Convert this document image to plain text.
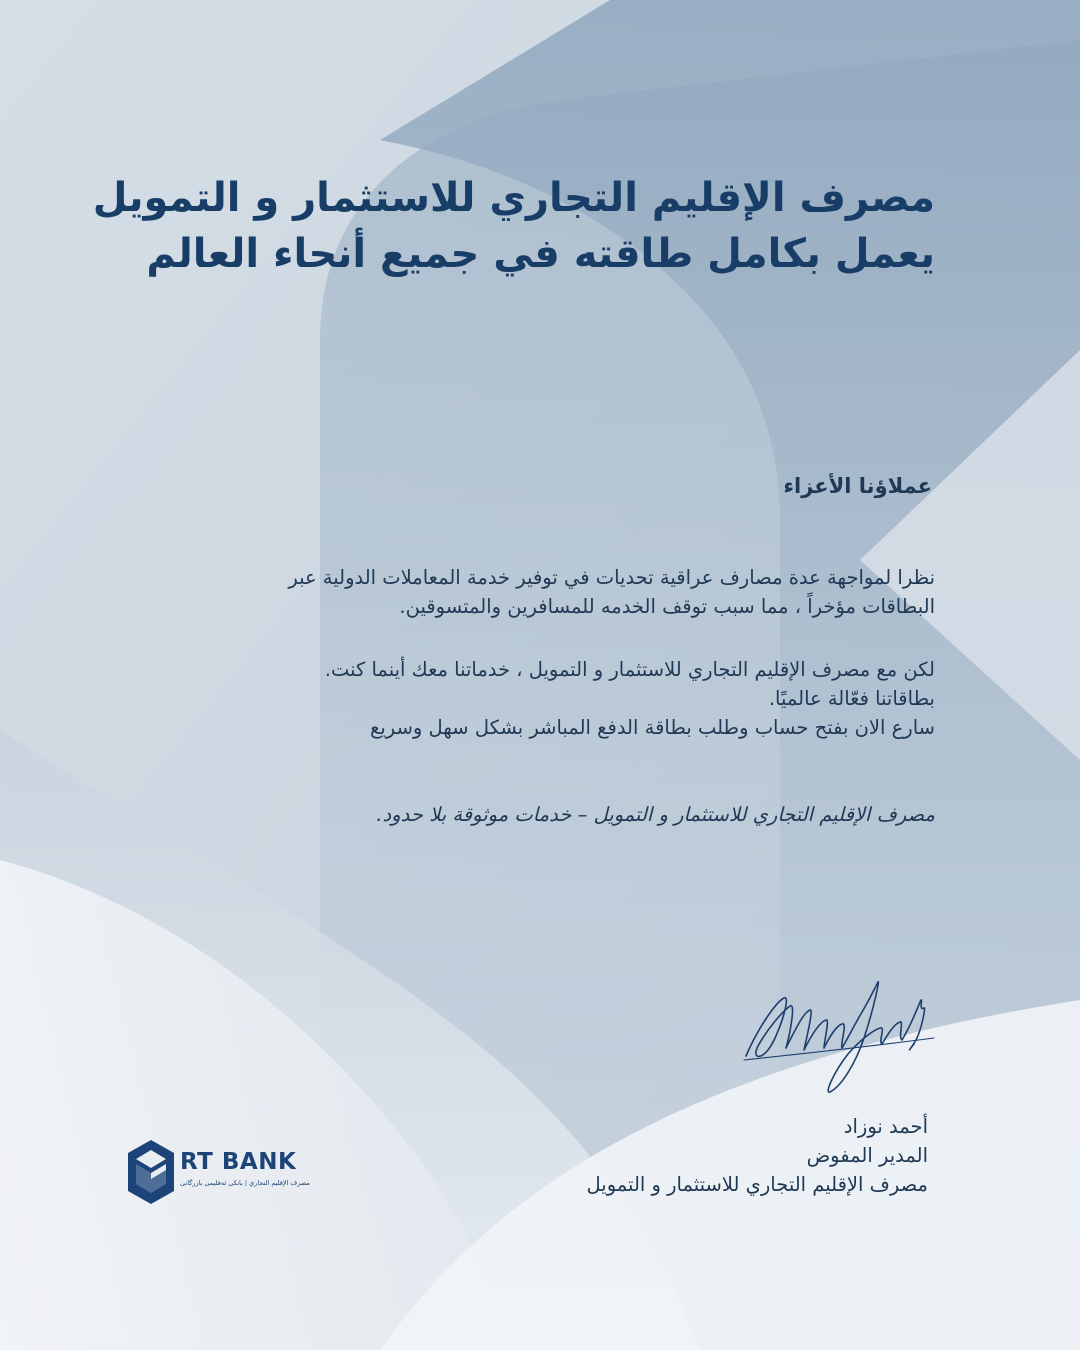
مصرف الإقليم التجاري للاستثمار و التمويل
يعمل بكامل طاقته في جميع أنحاء العالم

عملاؤنا الأعزاء

نظرا لمواجهة عدة مصارف عراقية تحديات في توفير خدمة المعاملات الدولية عبر
البطاقات مؤخراً ، مما سبب توقف الخدمه للمسافرين والمتسوقين.

لكن مع مصرف الإقليم التجاري للاستثمار و التمويل ، خدماتنا معك أينما كنت.
بطاقاتنا فعّالة عالميًا.
سارع الان بفتح حساب وطلب بطاقة الدفع المباشر بشكل سهل وسريع

مصرف الإقليم التجاري للاستثمار و التمويل – خدمات موثوقة بلا حدود.

أحمد نوزاد
المدير المفوض
مصرف الإقليم التجاري للاستثمار و التمويل

RT BANK

مصرف الإقليم التجاري | بانكی ئەقلیمی بازرگانی
